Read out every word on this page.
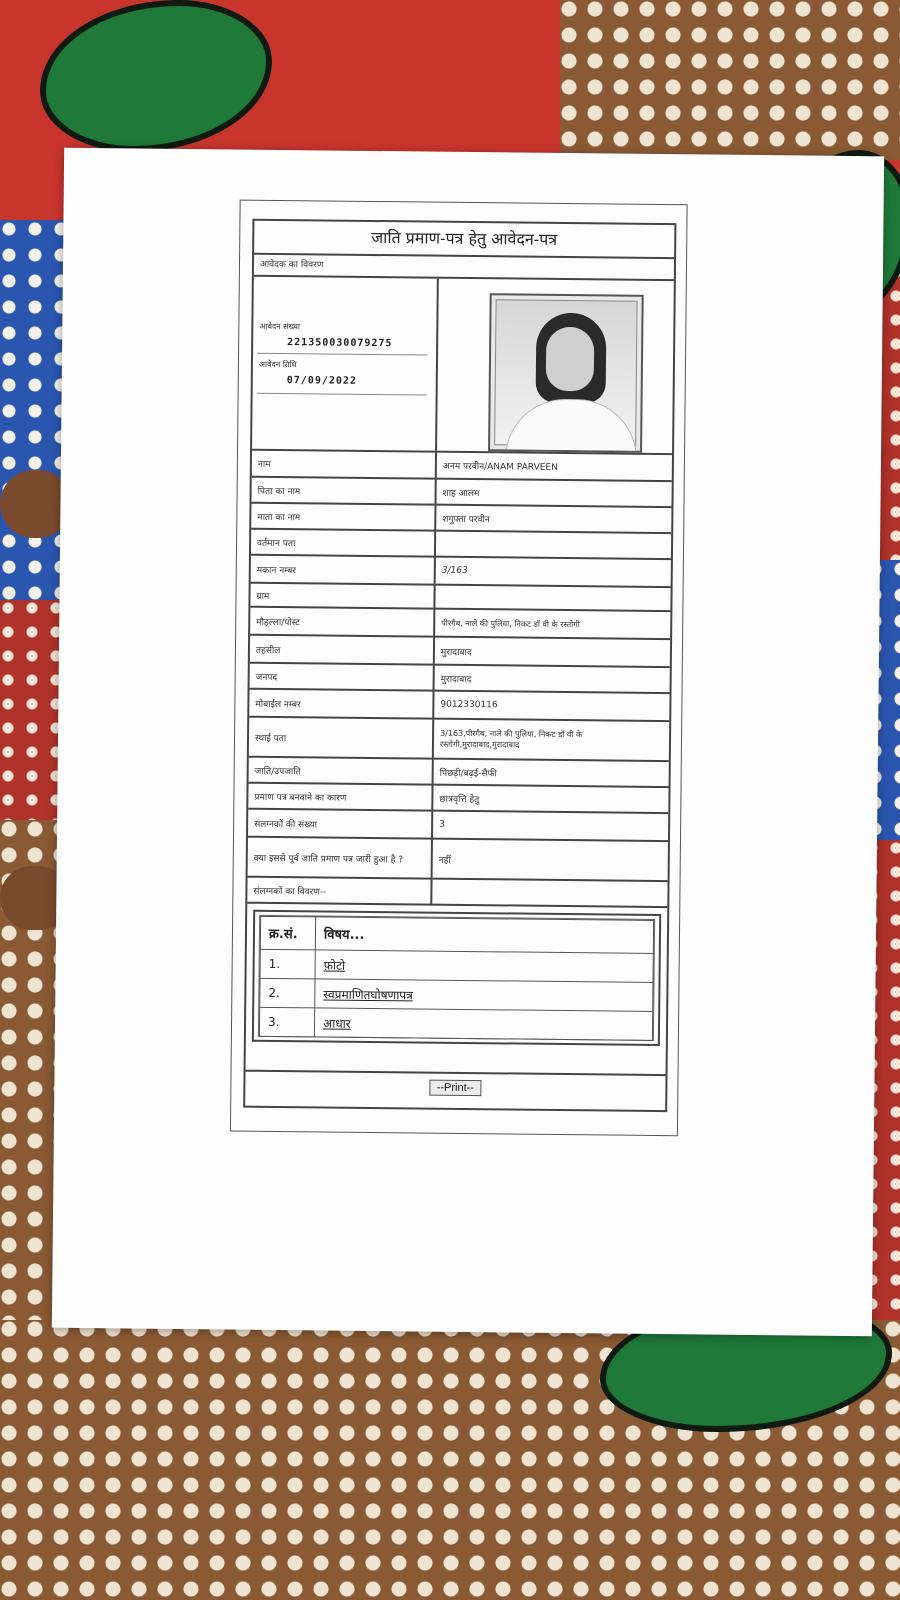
जाति प्रमाण-पत्र हेतु आवेदन-पत्र
आवेदक का विवरण
आवेदन संख्या
221350030079275
आवेदन तिथि
07/09/2022
नाम	अनम परवीन/ANAM PARVEEN
पिता का नाम	शाह आलम
माता का नाम	शगुफ्ता परवीन
वर्तमान पता	
मकान नम्बर	3/163
ग्राम	
मौहल्ला/पोस्ट	पीरगैब, नाले की पुलिया, निकट डॉ वी के रस्तोगी
तहसील	मुरादाबाद
जनपद	मुरादाबाद
मोबाईल नम्बर	9012330116
स्थाई पता	3/163,पीरगैब, नाले की पुलिया, निकट डॉ वी के रस्तोगी,मुरादाबाद,मुरादाबाद
जाति/उपजाति	पिछड़ी/बढ़ई-सैफी
प्रमाण पत्र बनवाने का कारण	छात्रवृत्ति हेतु
संलग्नकों की संख्या	3
क्या इससे पूर्व जाति प्रमाण पत्र जारी हुआ है ?	नहीं
संलग्नकों का विवरण--	
क्र.सं.	विषय...
1.	फ़ोटो
2.	स्वप्रमाणितघोषणापत्र
3.	आधार
--Print--
